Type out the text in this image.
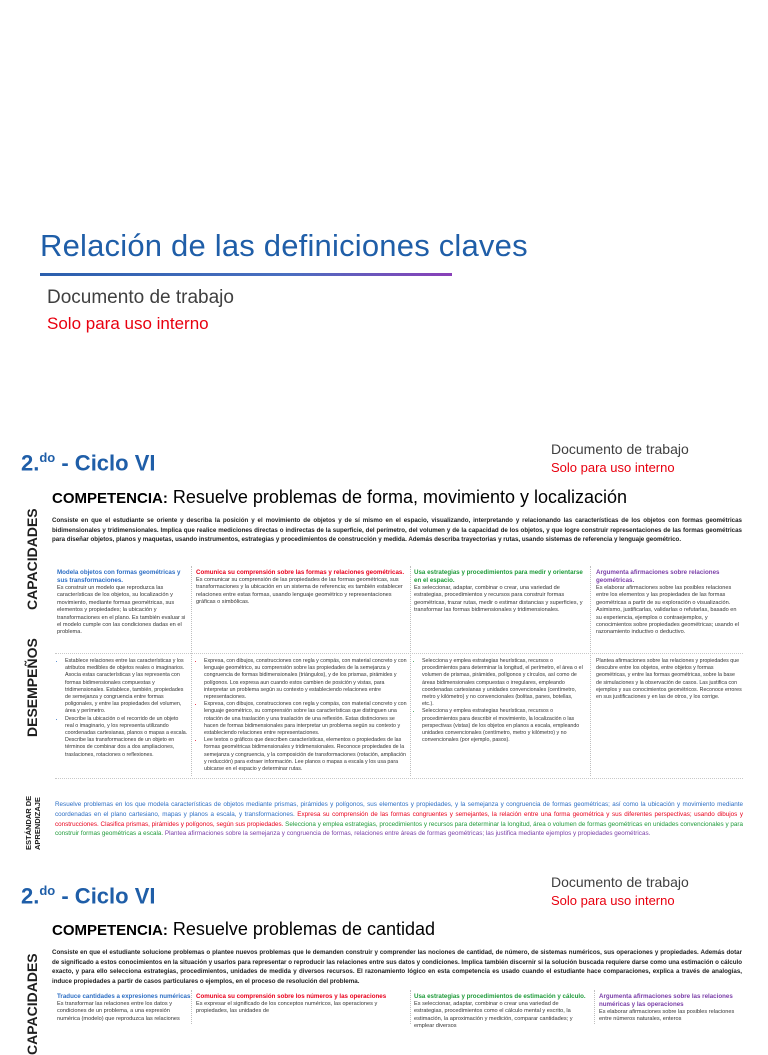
Relación de las definiciones claves
Documento de trabajo
Solo para uso interno
2.$^{do}$ - Ciclo VI
Documento de trabajo
Solo para uso interno
COMPETENCIA: Resuelve problemas de forma, movimiento y localización
Consiste en que el estudiante se oriente y describa la posición y el movimiento de objetos y de sí mismo en el espacio, visualizando, interpretando y relacionando las características de los objetos con formas geométricas bidimensionales y tridimensionales. Implica que realice mediciones directas o indirectas de la superficie, del perímetro, del volumen y de la capacidad de los objetos, y que logre construir representaciones de las formas geométricas para diseñar objetos, planos y maquetas, usando instrumentos, estrategias y procedimientos de construcción y medida. Además describa trayectorias y rutas, usando sistemas de referencia y lenguaje geométrico.
CAPACIDADES
DESEMPEÑOS
ESTÁNDAR DE
APRENDIZAJE
Modela objetos con formas geométricas y sus transformaciones.
Es construir un modelo que reproduzca las características de los objetos, su localización y movimiento, mediante formas geométricas, sus elementos y propiedades; la ubicación y transformaciones en el plano. Es también evaluar si el modelo cumple con las condiciones dadas en el problema.
Comunica su comprensión sobre las formas y relaciones geométricas.
Es comunicar su comprensión de las propiedades de las formas geométricas, sus transformaciones y la ubicación en un sistema de referencia; es también establecer relaciones entre estas formas, usando lenguaje geométrico y representaciones gráficas o simbólicas.
Usa estrategias y procedimientos para medir y orientarse en el espacio.
Es seleccionar, adaptar, combinar o crear, una variedad de estrategias, procedimientos y recursos para construir formas geométricas, trazar rutas, medir o estimar distancias y superficies, y transformar las formas bidimensionales y tridimensionales.
Argumenta afirmaciones sobre relaciones geométricas.
Es elaborar afirmaciones sobre las posibles relaciones entre los elementos y las propiedades de las formas geométricas a partir de su exploración o visualización. Asimismo, justificarlas, validarlas o refutarlas, basado en su experiencia, ejemplos o contraejemplos, y conocimientos sobre propiedades geométricas; usando el razonamiento inductivo o deductivo.
• Establece relaciones entre las características y los atributos medibles de objetos reales o imaginarios. Asocia estas características y las representa con formas bidimensionales compuestas y tridimensionales. Establece, también, propiedades de semejanza y congruencia entre formas poligonales, y entre las propiedades del volumen, área y perímetro.
• Describe la ubicación o el recorrido de un objeto real o imaginario, y los representa utilizando coordenadas cartesianas, planos o mapas a escala. Describe las transformaciones de un objeto en términos de combinar dos a dos ampliaciones, traslaciones, rotaciones o reflexiones.
• Expresa, con dibujos, construcciones con regla y compás, con material concreto y con lenguaje geométrico, su comprensión sobre las propiedades de la semejanza y congruencia de formas bidimensionales (triángulos), y de los prismas, pirámides y polígonos. Los expresa aun cuando estos cambien de posición y vistas, para interpretar un problema según su contexto y estableciendo relaciones entre representaciones.
• Expresa, con dibujos, construcciones con regla y compás, con material concreto y con lenguaje geométrico, su comprensión sobre las características que distinguen una rotación de una traslación y una traslación de una reflexión. Estas distinciones se hacen de formas bidimensionales para interpretar un problema según su contexto y estableciendo relaciones entre representaciones.
• Lee textos o gráficos que describen características, elementos o propiedades de las formas geométricas bidimensionales y tridimensionales. Reconoce propiedades de la semejanza y congruencia, y la composición de transformaciones (rotación, ampliación y reducción) para extraer información. Lee planos o mapas a escala y los usa para ubicarse en el espacio y determinar rutas.
• Selecciona y emplea estrategias heurísticas, recursos o procedimientos para determinar la longitud, el perímetro, el área o el volumen de prismas, pirámides, polígonos y círculos, así como de áreas bidimensionales compuestas o irregulares, empleando coordenadas cartesianas y unidades convencionales (centímetro, metro y kilómetro) y no convencionales (bolitas, panes, botellas, etc.).
• Selecciona y emplea estrategias heurísticas, recursos o procedimientos para describir el movimiento, la localización o las perspectivas (vistas) de los objetos en planos a escala, empleando unidades convencionales (centímetro, metro y kilómetro) y no convencionales (por ejemplo, pasos).
Plantea afirmaciones sobre las relaciones y propiedades que descubre entre los objetos, entre objetos y formas geométricas, y entre las formas geométricas, sobre la base de simulaciones y la observación de casos. Las justifica con ejemplos y sus conocimientos geométricos. Reconoce errores en sus justificaciones y en las de otros, y los corrige.
Resuelve problemas en los que modela características de objetos mediante prismas, pirámides y polígonos, sus elementos y propiedades, y la semejanza y congruencia de formas geométricas; así como la ubicación y movimiento mediante coordenadas en el plano cartesiano, mapas y planos a escala, y transformaciones. Expresa su comprensión de las formas congruentes y semejantes, la relación entre una forma geométrica y sus diferentes perspectivas; usando dibujos y construcciones. Clasifica prismas, pirámides y polígonos, según sus propiedades. Selecciona y emplea estrategias, procedimientos y recursos para determinar la longitud, área o volumen de formas geométricas en unidades convencionales y para construir formas geométricas a escala. Plantea afirmaciones sobre la semejanza y congruencia de formas, relaciones entre áreas de formas geométricas; las justifica mediante ejemplos y propiedades geométricas.
2.$^{do}$ - Ciclo VI
Documento de trabajo
Solo para uso interno
COMPETENCIA: Resuelve problemas de cantidad
Consiste en que el estudiante solucione problemas o plantee nuevos problemas que le demanden construir y comprender las nociones de cantidad, de número, de sistemas numéricos, sus operaciones y propiedades. Además dotar de significado a estos conocimientos en la situación y usarlos para representar o reproducir las relaciones entre sus datos y condiciones. Implica también discernir si la solución buscada requiere darse como una estimación o cálculo exacto, y para ello selecciona estrategias, procedimientos, unidades de medida y diversos recursos. El razonamiento lógico en esta competencia es usado cuando el estudiante hace comparaciones, explica a través de analogías, induce propiedades a partir de casos particulares o ejemplos, en el proceso de resolución del problema.
CAPACIDADES	Traduce cantidades a expresiones numéricas
Es transformar las relaciones entre los datos y condiciones de un problema, a una expresión numérica (modelo) que reproduzca las relaciones
Comunica su comprensión sobre los números y las operaciones
Es expresar el significado de los conceptos numéricos, las operaciones y propiedades, las unidades de
Usa estrategias y procedimientos de estimación y cálculo.
Es seleccionar, adaptar, combinar o crear una variedad de estrategias, procedimientos como el cálculo mental y escrito, la estimación, la aproximación y medición, comparar cantidades; y emplear diversos
Argumenta afirmaciones sobre las relaciones numéricas y las operaciones
Es elaborar afirmaciones sobre las posibles relaciones entre números naturales, enteros
